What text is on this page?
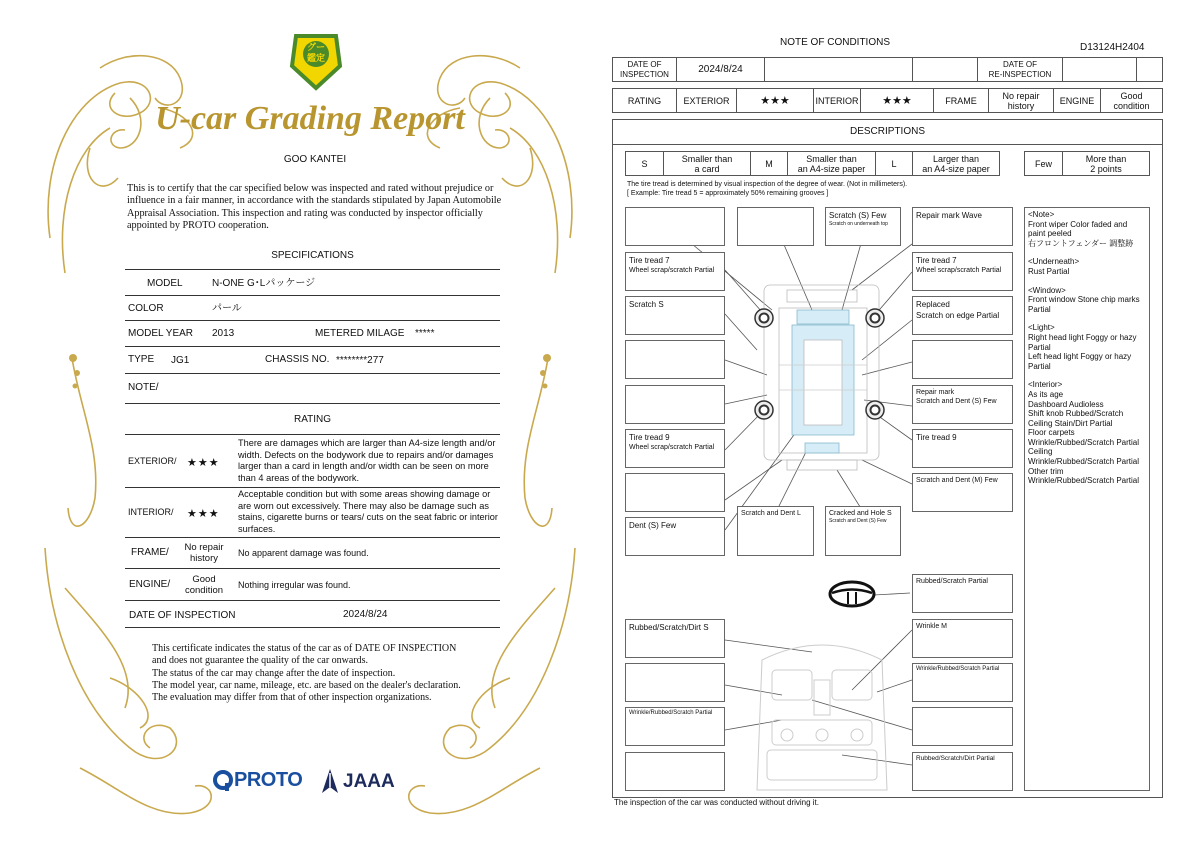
グー
鑑定
U-car Grading Report
GOO KANTEI
This is to certify that the car specified below was inspected and rated without prejudice or influence in a fair manner, in accordance with the standards stipulated by Japan Automobile Appraisal Association. This inspection and rating was conducted by inspector officially appointed by PROTO cooperation.
SPECIFICATIONS
MODEL	N-ONE G･Lパッケージ
COLOR	パール
MODEL YEAR 2013	METERED MILAGE *****
TYPE JG1	CHASSIS NO. ********277
NOTE/
RATING
EXTERIOR/ ★★★
There are damages which are larger than A4-size length and/or width. Defects on the bodywork due to repairs and/or damages larger than a card in length and/or width can be seen on more than 4 areas of the bodywork.
INTERIOR/ ★★★
Acceptable condition but with some areas showing damage or are worn out excessively. There may also be damage such as stains, cigarette burns or tears/ cuts on the seat fabric or interior surfaces.
FRAME/	No repair history	No apparent damage was found.
ENGINE/	Good condition	Nothing irregular was found.
DATE OF INSPECTION	2024/8/24
This certificate indicates the status of the car as of DATE OF INSPECTION and does not guarantee the quality of the car onwards.
The status of the car may change after the date of inspection.
The model year, car name, mileage, etc. are based on the dealer's declaration.
The evaluation may differ from that of other inspection organizations.
PROTO JAAA
NOTE OF CONDITIONS	D13124H2404
DATE OF
INSPECTION	2024/8/24	DATE OF
RE-INSPECTION
RATING	EXTERIOR	★★★	INTERIOR	★★★	FRAME	No repair
history	ENGINE	Good
condition
DESCRIPTIONS
S	Smaller than
a card	M	Smaller than
an A4-size paper	L	Larger than
an A4-size paper	Few	More than
2 points
The tire tread is determined by visual inspection of the degree of wear. (Not in millimeters).
[ Example: Tire tread 5 = approximately 50% remaining grooves ]
Scratch (S) Few
Scratch on underneath top
Repair mark Wave
Tire tread 7
Wheel scrap/scratch Partial
Tire tread 7
Wheel scrap/scratch Partial
Scratch S	Replaced
Scratch on edge Partial
Repair mark
Scratch and Dent (S) Few
Tire tread 9
Wheel scrap/scratch Partial
Tire tread 9
Scratch and Dent (M) Few
Dent (S) Few
Scratch and Dent L	Cracked and Hole S
Scratch and Dent (S) Few
Rubbed/Scratch Partial
Rubbed/Scratch/Dirt S	Wrinkle M
Wrinkle/Rubbed/Scratch Partial
Wrinkle/Rubbed/Scratch Partial
Rubbed/Scratch/Dirt Partial
<Note>
Front wiper Color faded and paint peeled
右フロントフェンダー 調整跡
<Underneath>
Rust Partial
<Window>
Front window Stone chip marks Partial
<Light>
Right head light Foggy or hazy Partial
Left head light Foggy or hazy Partial
<Interior>
As its age
Dashboard Audioless
Shift knob Rubbed/Scratch
Ceiling Stain/Dirt Partial
Floor carpets
Wrinkle/Rubbed/Scratch Partial
Ceiling
Wrinkle/Rubbed/Scratch Partial
Other trim
Wrinkle/Rubbed/Scratch Partial
The inspection of the car was conducted without driving it.
